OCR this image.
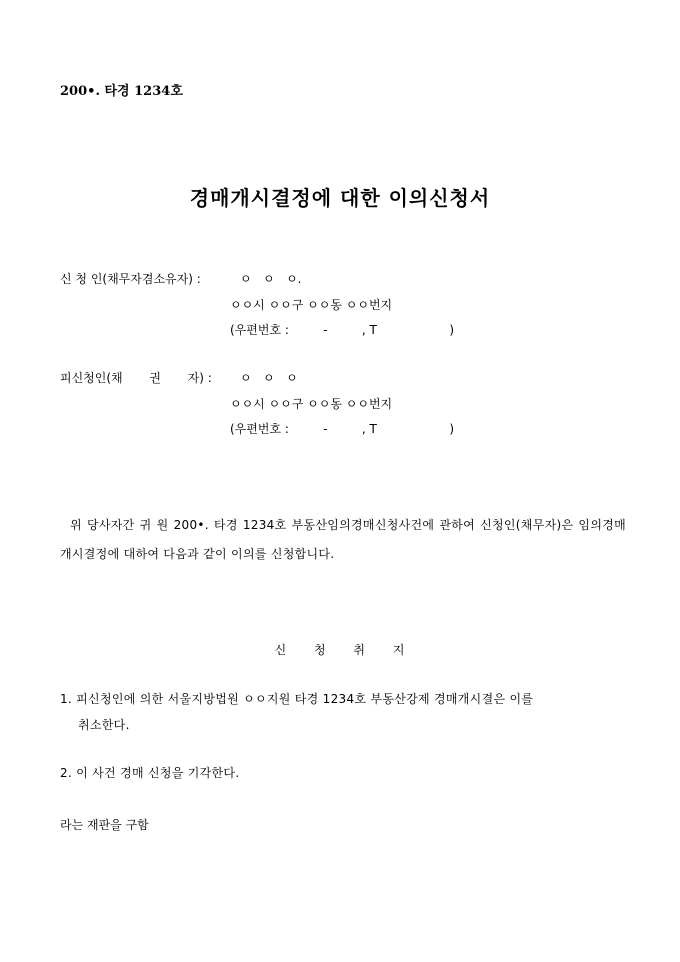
200•. 타경 1234호
경매개시결정에 대한 이의신청서
신 청 인(채무자겸소유자) :	ㅇ   ㅇ   ㅇ.
ㅇㅇ시 ㅇㅇ구 ㅇㅇ동 ㅇㅇ번지
(우편번호 :         -         , T                   )
피신청인(채       권       자) : ㅇ   ㅇ   ㅇ
ㅇㅇ시 ㅇㅇ구 ㅇㅇ동 ㅇㅇ번지
(우편번호 :         -         , T                   )
위 당사자간 귀 원 200•. 타경 1234호 부동산임의경매신청사건에 관하여 신청인(채무자)은 임의경매개시결정에 대하여 다음과 같이 이의를 신청합니다.
신 청 취 지
1. 피신청인에 의한 서울지방법원 ㅇㅇ지원 타경 1234호 부동산강제 경매개시결은 이를
취소한다.
2. 이 사건 경매 신청을 기각한다.
라는 재판을 구함
